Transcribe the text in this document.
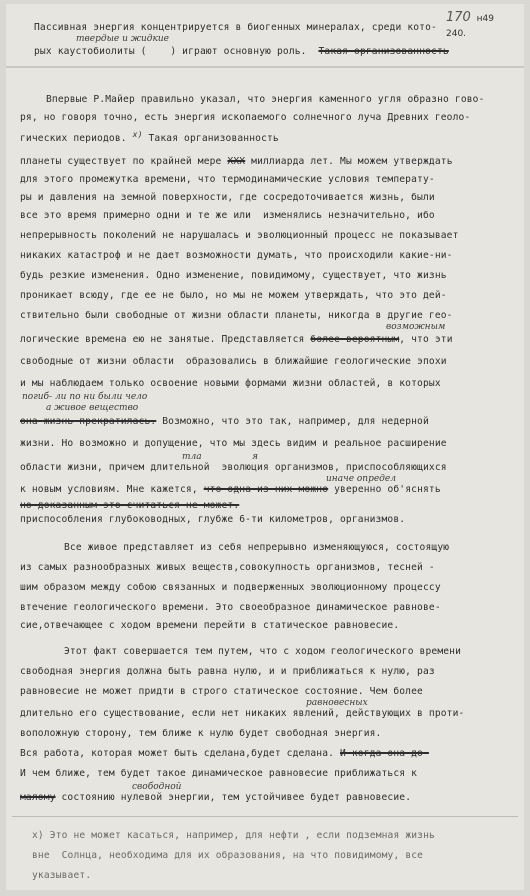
170 н49
240.
Пассивная энергия концентрируется в биогенных минералах, среди кото-
твердые и жидкие
рых каустобиолиты ( ) играют основную роль. Такая организованность
Впервые Р.Майер правильно указал, что энергия каменного угля образно гово-
ря, но говоря точно, есть энергия ископаемого солнечного луча Древних геоло-
гических периодов. $^{x)}$ Такая организованность
планеты существует по крайней мере ХХХ миллиарда лет. Мы можем утверждать
для этого промежутка времени, что термодинамические условия температу-
ры и давления на земной поверхности, где сосредоточивается жизнь, были
все это время примерно одни и те же или  изменялись незначительно, ибо
непрерывность поколений не нарушалась и эволюционный процесс не показывает
никаких катастроф и не дает возможности думать, что происходили какие-ни-
будь резкие изменения. Одно изменение, повидимому, существует, что жизнь
проникает всюду, где ее не было, но мы не можем утверждать, что это дей-
ствительно были свободные от жизни области планеты, никогда в другие гео-
возможным
логические времена ею не занятые. Представляется более вероятным, что эти
свободные от жизни области  образовались в ближайшие геологические эпохи
и мы наблюдаем только освоение новыми формами жизни областей, в которых
погиб- ли по ни были чело
а живое вещество
она жизнь прекратилась. Возможно, что это так, например, для недерной
жизни. Но возможно и допущение, что мы здесь видим и реальное расширение
тла	я
области жизни, причем длительной  эволюция организмов, приспособляющихся
иначе определ
к новым условиям. Мне кажется, что одна из них можно уверенно об'яснять
но доказанным это считаться не может.
приспособления глубоководных, глубже 6-ти километров, организмов.
Все живое представляет из себя непрерывно изменяющуюся, состоящую
из самых разнообразных живых веществ,совокупность организмов, тесней -
шим образом между собою связанных и подверженных эволюционному процессу
втечение геологического времени. Это своеобразное динамическое равнове-
сие,отвечающее с ходом времени перейти в статическое равновесие.
Этот факт совершается тем путем, что с ходом геологического времени
свободная энергия должна быть равна нулю, и и приближаться к нулю, раз
равновесие не может придти в строго статическое состояние. Чем более
равновесных
длительно его существование, если нет никаких явлений, действующих в проти-
воположную сторону, тем ближе к нулю будет свободная энергия.
Вся работа, которая может быть сделана,будет сделана. И когда она до-
И чем ближе, тем будет такое динамическое равновесие приближаться к
свободной
малому состоянию нулевой энергии, тем устойчивее будет равновесие.
x) Это не может касаться, например, для нефти , если подземная жизнь
вне  Солнца, необходима для их образования, на что повидимому, все
указывает.
